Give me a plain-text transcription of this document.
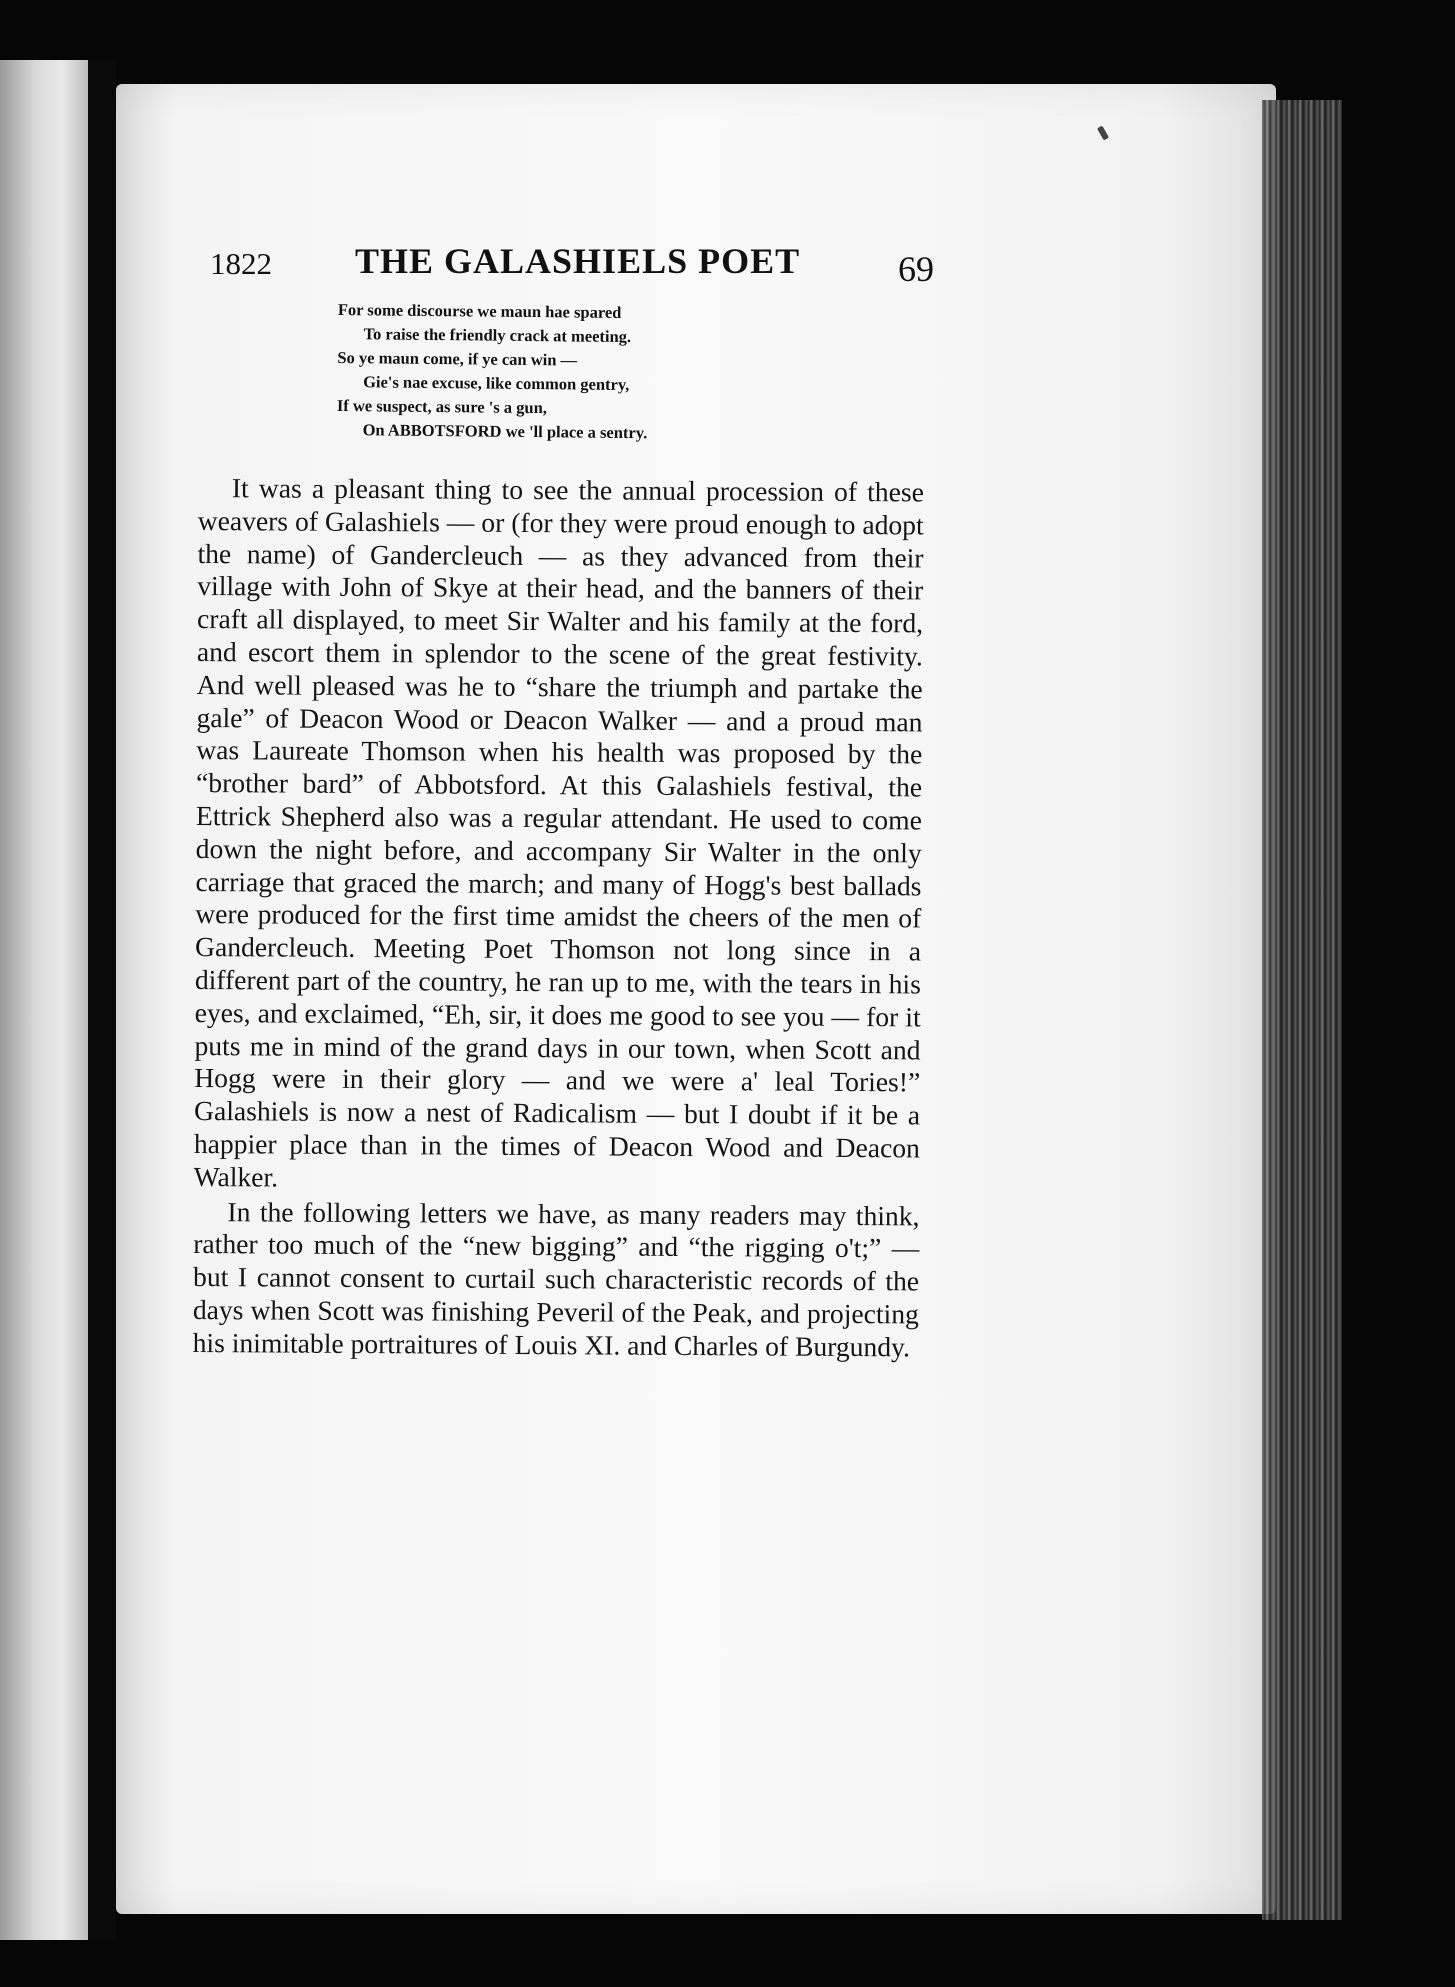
1822 THE GALASHIELS POET	69
For some discourse we maun hae spared
To raise the friendly crack at meeting.
So ye maun come, if ye can win —
Gie's nae excuse, like common gentry,
If we suspect, as sure 's a gun,
On ABBOTSFORD we 'll place a sentry.

It was a pleasant thing to see the annual procession of these weavers of Galashiels — or (for they were proud enough to adopt the name) of Gandercleuch — as they advanced from their village with John of Skye at their head, and the banners of their craft all displayed, to meet Sir Walter and his family at the ford, and escort them in splendor to the scene of the great festivity. And well pleased was he to “share the triumph and partake the gale” of Deacon Wood or Deacon Walker — and a proud man was Laureate Thomson when his health was proposed by the “brother bard” of Abbotsford. At this Galashiels festival, the Ettrick Shepherd also was a regular attendant. He used to come down the night before, and accompany Sir Walter in the only carriage that graced the march; and many of Hogg's best ballads were produced for the first time amidst the cheers of the men of Gandercleuch. Meeting Poet Thomson not long since in a different part of the country, he ran up to me, with the tears in his eyes, and exclaimed, “Eh, sir, it does me good to see you — for it puts me in mind of the grand days in our town, when Scott and Hogg were in their glory — and we were a' leal Tories!” Galashiels is now a nest of Radicalism — but I doubt if it be a happier place than in the times of Deacon Wood and Deacon Walker.

In the following letters we have, as many readers may think, rather too much of the “new bigging” and “the rigging o't;” — but I cannot consent to curtail such characteristic records of the days when Scott was finishing Peveril of the Peak, and projecting his inimitable portraitures of Louis XI. and Charles of Burgundy.
